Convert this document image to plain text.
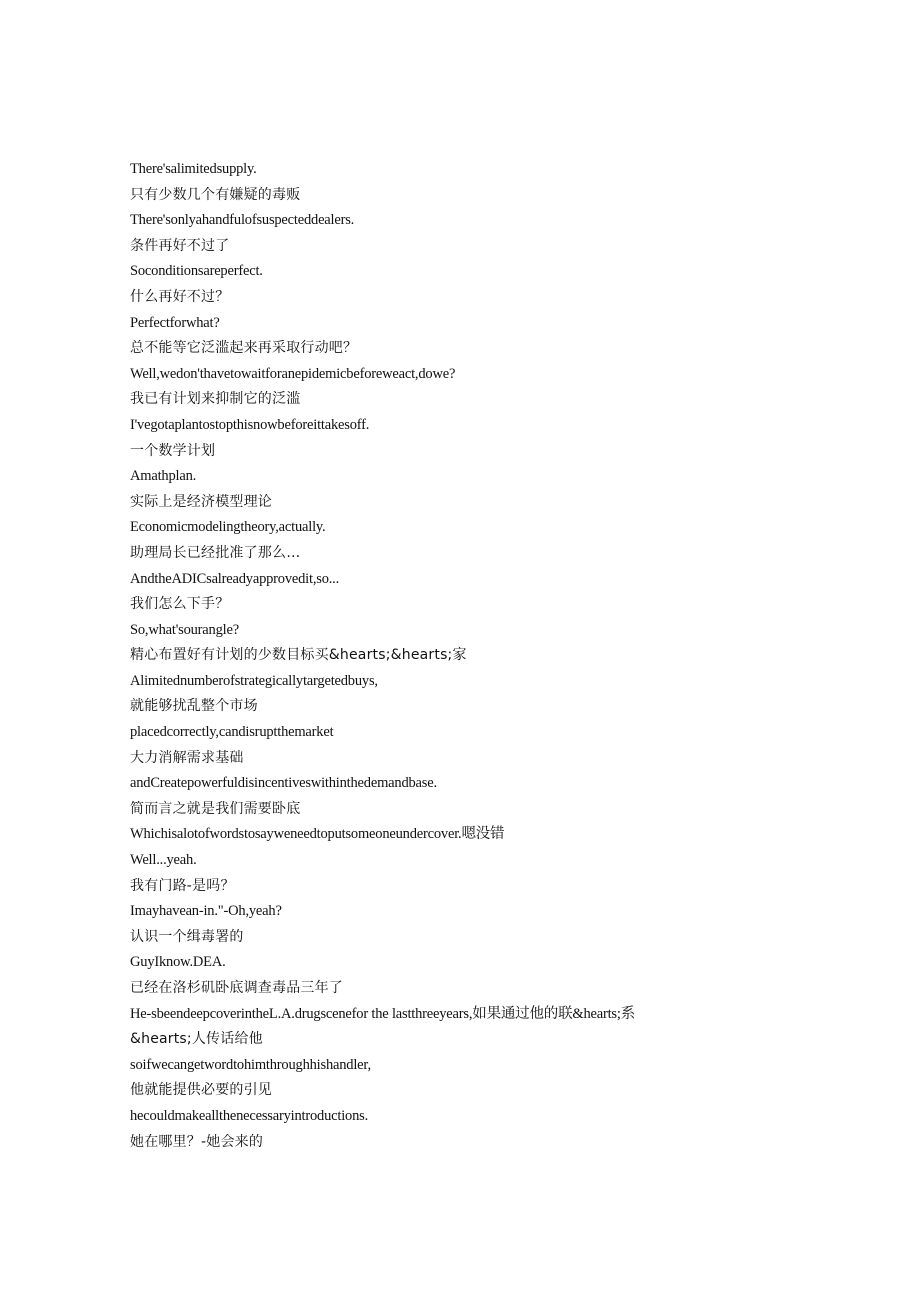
There'salimitedsupply.
只有少数几个有嫌疑的毒贩
There'sonlyahandfulofsuspecteddealers.
条件再好不过了
Soconditionsareperfect.
什么再好不过？
Perfectforwhat?
总不能等它泛滥起来再采取行动吧？
Well,wedon'thavetowaitforanepidemicbeforeweact,dowe?
我已有计划来抑制它的泛滥
I'vegotaplantostopthisnowbeforeittakesoff.
一个数学计划
Amathplan.
实际上是经济模型理论
Economicmodelingtheory,actually.
助理局长已经批准了那么…
AndtheADICsalreadyapprovedit,so...
我们怎么下手？
So,what'sourangle?
精心布置好有计划的少数目标买&hearts;&hearts;家
Alimitednumberofstrategicallytargetedbuys,
就能够扰乱整个市场
placedcorrectly,candisruptthemarket
大力消解需求基础
andCreatepowerfuldisincentiveswithinthedemandbase.
简而言之就是我们需要卧底
Whichisalotofwordstosayweneedtoputsomeoneundercover.嗯没错
Well...yeah.
我有门路-是吗？
Imayhavean-in."-Oh,yeah?
认识一个缉毒署的
GuyIknow.DEA.
已经在洛杉矶卧底调查毒品三年了
He-sbeendeepcoverintheL.A.drugscenefor the lastthreeyears,如果通过他的联&hearts;系
&hearts;人传话给他
soifwecangetwordtohimthroughhishandler,
他就能提供必要的引见
hecouldmakeallthenecessaryintroductions.
她在哪里？-她会来的
